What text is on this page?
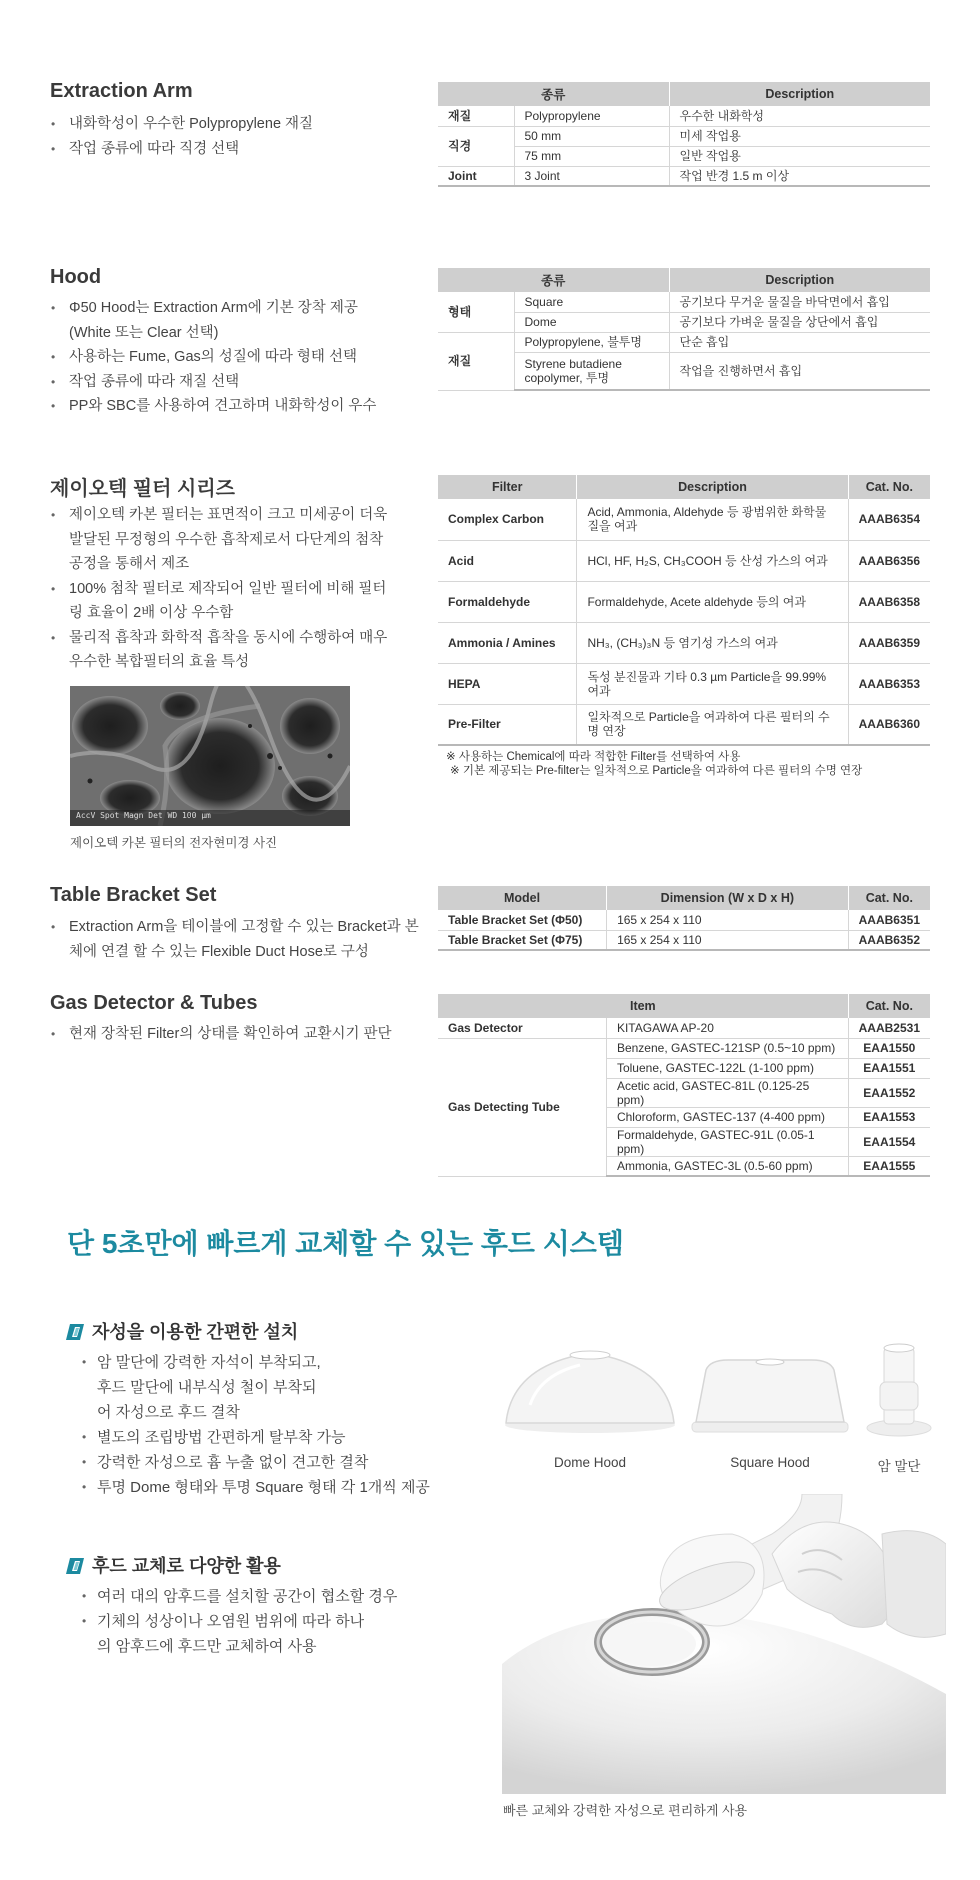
Extraction Arm
• 내화학성이 우수한 Polypropylene 재질
• 작업 종류에 따라 직경 선택
종류		Description
재질	Polypropylene	우수한 내화학성
직경	50 mm	미세 작업용
	75 mm	일반 작업용
Joint	3 Joint	작업 반경 1.5 m 이상
Hood
• Φ50 Hood는 Extraction Arm에 기본 장착 제공 (White 또는 Clear 선택)
• 사용하는 Fume, Gas의 성질에 따라 형태 선택
• 작업 종류에 따라 재질 선택
• PP와 SBC를 사용하여 견고하며 내화학성이 우수
종류		Description
형태	Square	공기보다 무거운 물질을 바닥면에서 흡입
	Dome	공기보다 가벼운 물질을 상단에서 흡입
재질	Polypropylene, 불투명	단순 흡입
	Styrene butadiene copolymer, 투명	작업을 진행하면서 흡입
제이오텍 필터 시리즈
• 제이오텍 카본 필터는 표면적이 크고 미세공이 더욱 발달된 무정형의 우수한 흡착제로서 다단계의 첨착 공정을 통해서 제조
• 100% 첨착 필터로 제작되어 일반 필터에 비해 필터링 효율이 2배 이상 우수함
• 물리적 흡착과 화학적 흡착을 동시에 수행하여 매우 우수한 복합필터의 효율 특성
AccV Spot Magn Det WD 100 μm
제이오텍 카본 필터의 전자현미경 사진
Filter	Description	Cat. No.
Complex Carbon	Acid, Ammonia, Aldehyde 등 광범위한 화학물질을 여과	AAAB6354
Acid	HCl, HF, H₂S, CH₃COOH 등 산성 가스의 여과	AAAB6356
Formaldehyde	Formaldehyde, Acete aldehyde 등의 여과	AAAB6358
Ammonia / Amines	NH₃, (CH₃)₃N 등 염기성 가스의 여과	AAAB6359
HEPA	독성 분진물과 기타 0.3 µm Particle을 99.99% 여과	AAAB6353
Pre-Filter	일차적으로 Particle을 여과하여 다른 필터의 수명 연장	AAAB6360
※ 사용하는 Chemical에 따라 적합한 Filter를 선택하여 사용
※ 기본 제공되는 Pre-filter는 일차적으로 Particle을 여과하여 다른 필터의 수명 연장
Table Bracket Set
• Extraction Arm을 테이블에 고정할 수 있는 Bracket과 본체에 연결 할 수 있는 Flexible Duct Hose로 구성
Model	Dimension (W x D x H)	Cat. No.
Table Bracket Set (Φ50)	165 x 254 x 110	AAAB6351
Table Bracket Set (Φ75)	165 x 254 x 110	AAAB6352
Gas Detector & Tubes
• 현재 장착된 Filter의 상태를 확인하여 교환시기 판단
Item		Cat. No.
Gas Detector	KITAGAWA AP-20	AAAB2531
Gas Detecting Tube	Benzene, GASTEC-121SP (0.5~10 ppm)	EAA1550
	Toluene, GASTEC-122L (1-100 ppm)	EAA1551
	Acetic acid, GASTEC-81L (0.125-25 ppm)	EAA1552
	Chloroform, GASTEC-137 (4-400 ppm)	EAA1553
	Formaldehyde, GASTEC-91L (0.05-1 ppm)	EAA1554
	Ammonia, GASTEC-3L (0.5-60 ppm)	EAA1555
단 5초만에 빠르게 교체할 수 있는 후드 시스템
자성을 이용한 간편한 설치
• 암 말단에 강력한 자석이 부착되고, 후드 말단에 내부식성 철이 부착되어 자성으로 후드 결착
• 별도의 조립방법 간편하게 탈부착 가능
• 강력한 자성으로 흄 누출 없이 견고한 결착
• 투명 Dome 형태와 투명 Square 형태 각 1개씩 제공
Dome Hood	Square Hood	암 말단
후드 교체로 다양한 활용
• 여러 대의 암후드를 설치할 공간이 협소할 경우
• 기체의 성상이나 오염원 범위에 따라 하나의 암후드에 후드만 교체하여 사용
빠른 교체와 강력한 자성으로 편리하게 사용
